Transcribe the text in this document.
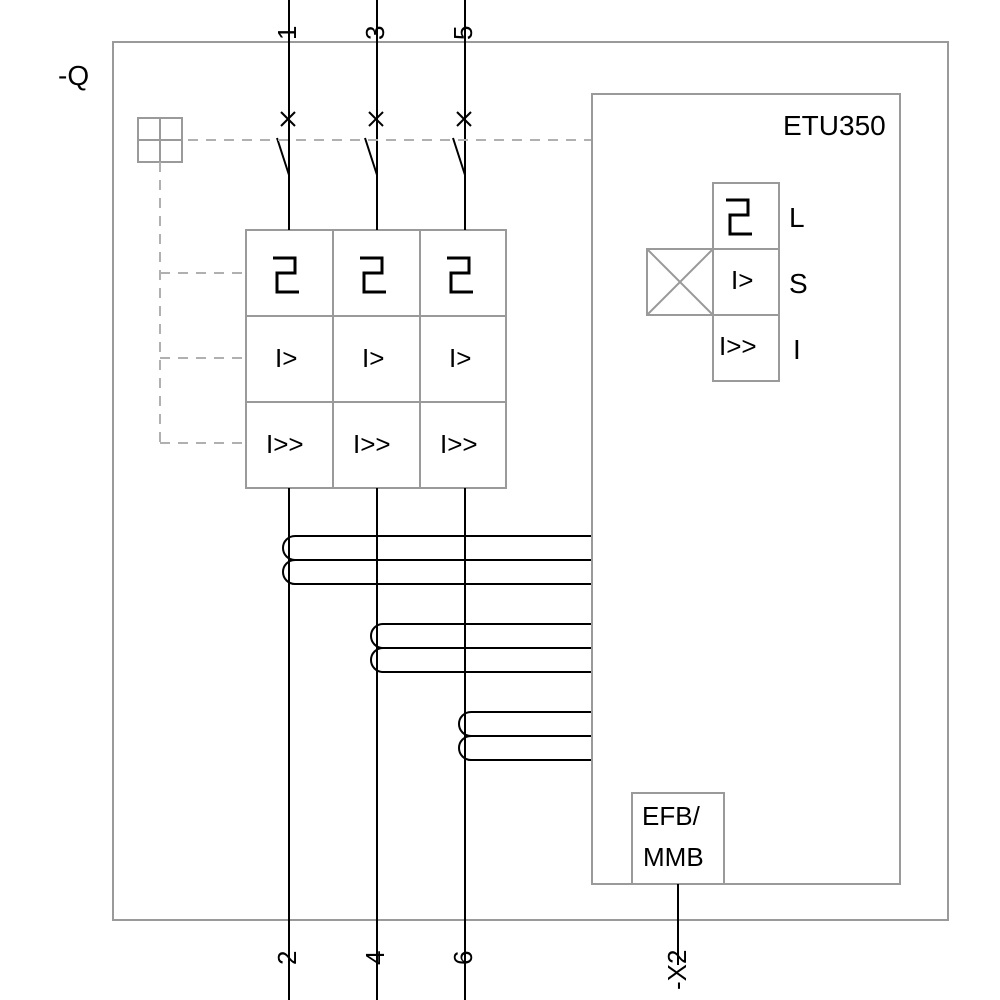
-Q
ETU350
1 3 5
2 4 6	-X2
I> I> I>
I>> I>> I>>
I>
I>>
L
S
I
EFB/
MMB
